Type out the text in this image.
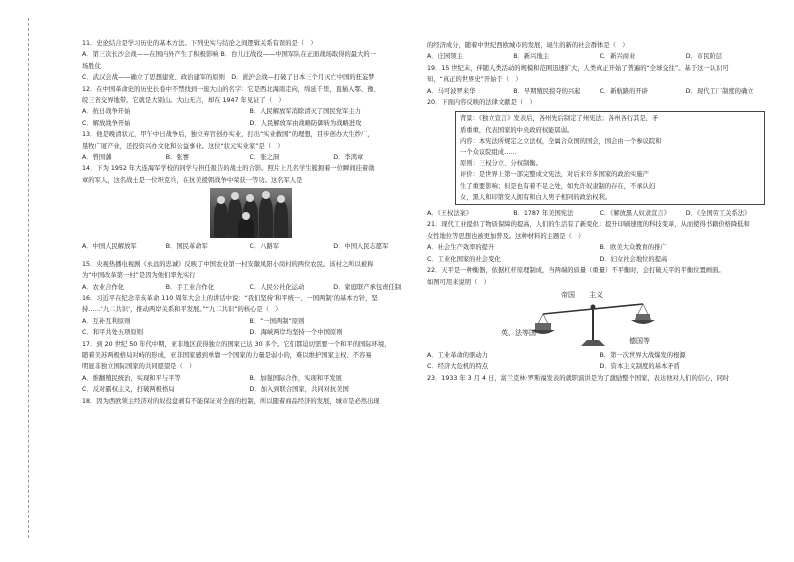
11．史论结合是学习历史的基本方法。下列史实与结论之间逻辑关系有误的是（　）
A．第三次长沙会战——在国内外产生了积极影响 B．台儿庄战役——中国军队在正面战场取得的最大的一
场胜仗
C．武汉会战——确立了思想建党、政治建军的原则　D．淞沪会战—打破了日本三个月灭亡中国的狂妄梦
12．在中国革命史的历史长卷中不禁找到一座大山的名字：它是西北海南走向，绵延千里，直插入鄂、豫、
皖三省交界地带。它就是大别山。大山无言，却在 1947 年见证了（　）
A．抗日战争开始	B．人民解放军消除清灭了国民党军主力
C．解放战争开始	D．人民解放军由战略防御转为战略进攻
13．他是晚清状元，甲午中日战争后，独立弃官创办实业，打出“实业救国”的理想，目步创办大生纱厂，
垦牧广厦产业，还投资兴办文化和公益事业。这位“状元实业家”是（　）
A．曾国藩	B．张謇	C．张之洞	D．李鸿章
14．下为 1952 年大连海军学校的同学与担任报告的战士的合影。照片上几名学生簇拥着一位瞬间挂着勋
章的军人，这名战士是一位坦克兵，在抗美援朝战争中荣获一等功。这名军人是
A．中国人民解放军	B．国民革命军	C．八路军	D．中国人民志愿军
15．央视热播电视剧《永远的忠诚》反映了中国农业第一村安徽凤阳小岗村的两位农民。该村之所以被称
为“中国改革第一村”是因为他们率先实行
A．农业合作化	B．手工业合作化	C．人民公社化运动	D．家庭联产承包责任制
16．习近平在纪念辛亥革命 110 周年大会上的讲话中说：“我们坚持‘和平统一、一国两制’的基本方针，坚
持……‘九二共识’，推动两岸关系和平发展。”“九二共识”的核心是（　）
A．互补互利原则	B．“一国两制”原则
C．和平共处五项原则	D．海峡两岸均坚持一个中国原则
17．到 20 世纪 50 年代中期，亚非地区获得独立的国家已达 30 多个。它们都迫切需要一个和平的国际环境，
随着美苏两极格局对峙的形成，亚非国家感到单靠一个国家的力量是弱小的，难以维护国家主权、不容易
明显非独立国际国家的共同愿望是（　）
A．推翻殖民统治，实现和平与平等	B．加强国际合作，实现和平发展
C．反对霸权主义，打破两极格局	D．加入到联合国家，共同对抗美国
18．因为西欧领主经济对的奴役盘剥有不能保证对全面的控制，所以随着商品经济的发展，城市是必然出现
的经济成分，随着中世纪西欧城市的发展，诞生的新的社会群体是（　）
A．庄园领主	B．新兴地主	C．新兴商业	D．市民阶层
19．15 世纪末，伴随人类活动的规模和范围迅速扩大，人类真正开始了普遍的“全球交往”。基于这一认识可
知，“真正的世界史”开始于（　）
A．马可波罗来华	B．早期殖民掠夺的兴起	C．新航路的开辟	D．现代工厂制度的确立
20．下面内容反映的法律文献是（　）
背景：《独立宣言》发表后，各州先后制定了州宪法；各州各行其是，矛
盾重重，代表国家的中央政府权能孱弱。
内容：本宪法所规定之立法权，全属合众国的国会，国会由一个参议院和
一个众议院组成……
原则：三权分立、分权制衡。
评价：是世界上第一部完整成文宪法，对后来许多国家的政治实施产
生了重要影响；但是也有着不足之处，如允许奴隶制的存在，不承认妇
女，黑人和印第安人拥有和白人男子相同的政治权利。
A．《王权法案》	B．1787 年美国宪法	C．《解放黑人奴隶宣言》	D．《全国劳工关系法》
21．现代工业提供了物质保障的提高，人们的生活有了新变化：提升印刷速度的科技变革，从而使得书籍价格降低和
女性地位等思想也被更加普及。这种材料的主题是（　）
A．社会生产效率的提升	B．欧美大众教育的推广
C．工业化国家的社会变化	D．妇女社会地位的提高
22．天平是一种衡器，依据杠杆原理制成，当两端的质量（重量）不平衡时，会打破天平的平衡位置画面。
如图可用来说明（　）
帝国　　主义
英、法等国
德国等
A．工业革命的驱动力	B．第一次世界大战爆发的根源
C．经济大危机的特点	D．资本主义制度的基本矛盾
23．1933 年 3 月 4 日，富兰克林·罗斯福发表的就职演讲是为了激励整个国家，表达他对人们的信心，同时
